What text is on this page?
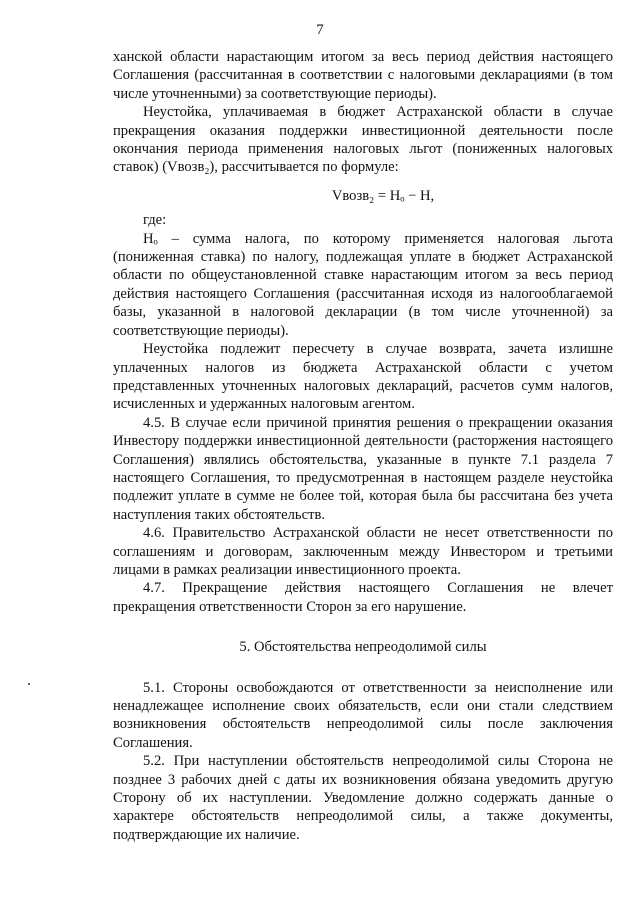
7

ханской области нарастающим итогом за весь период действия настоящего Соглашения (рассчитанная в соответствии с налоговыми декларациями (в том числе уточненными) за соответствующие периоды).

Неустойка, уплачиваемая в бюджет Астраханской области в случае прекращения оказания поддержки инвестиционной деятельности после окончания периода применения налоговых льгот (пониженных налоговых ставок) (Vвозв₂), рассчитывается по формуле:

Vвозв₂ = Hₒ − H,

где:

Hₒ – сумма налога, по которому применяется налоговая льгота (пониженная ставка) по налогу, подлежащая уплате в бюджет Астраханской области по общеустановленной ставке нарастающим итогом за весь период действия настоящего Соглашения (рассчитанная исходя из налогооблагаемой базы, указанной в налоговой декларации (в том числе уточненной) за соответствующие периоды).

Неустойка подлежит пересчету в случае возврата, зачета излишне уплаченных налогов из бюджета Астраханской области с учетом представленных уточненных налоговых деклараций, расчетов сумм налогов, исчисленных и удержанных налоговым агентом.

4.5. В случае если причиной принятия решения о прекращении оказания Инвестору поддержки инвестиционной деятельности (расторжения настоящего Соглашения) являлись обстоятельства, указанные в пункте 7.1 раздела 7 настоящего Соглашения, то предусмотренная в настоящем разделе неустойка подлежит уплате в сумме не более той, которая была бы рассчитана без учета наступления таких обстоятельств.

4.6. Правительство Астраханской области не несет ответственности по соглашениям и договорам, заключенным между Инвестором и третьими лицами в рамках реализации инвестиционного проекта.

4.7. Прекращение действия настоящего Соглашения не влечет прекращения ответственности Сторон за его нарушение.

5. Обстоятельства непреодолимой силы

5.1. Стороны освобождаются от ответственности за неисполнение или ненадлежащее исполнение своих обязательств, если они стали следствием возникновения обстоятельств непреодолимой силы после заключения Соглашения.

5.2. При наступлении обстоятельств непреодолимой силы Сторона не позднее 3 рабочих дней с даты их возникновения обязана уведомить другую Сторону об их наступлении. Уведомление должно содержать данные о характере обстоятельств непреодолимой силы, а также документы, подтверждающие их наличие.
